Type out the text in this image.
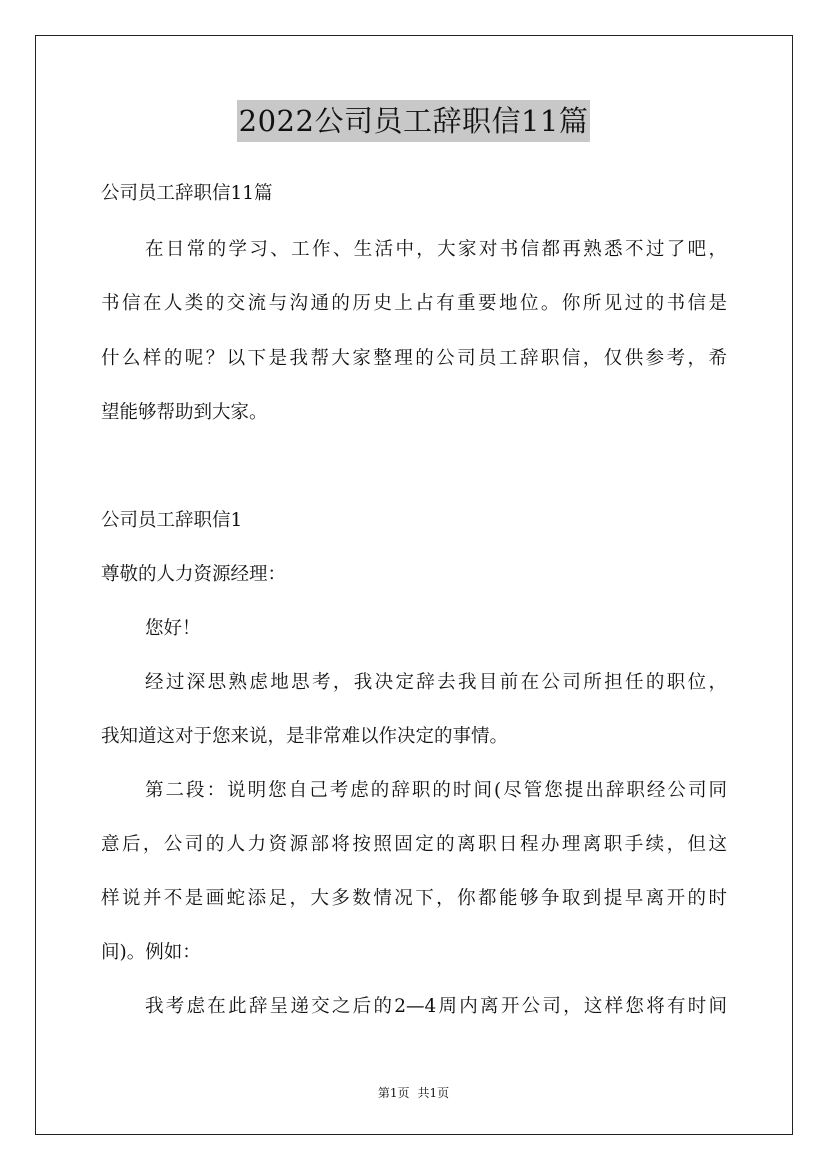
2022公司员工辞职信11篇
公司员工辞职信11篇
在日常的学习、工作、生活中，大家对书信都再熟悉不过了吧，
书信在人类的交流与沟通的历史上占有重要地位。你所见过的书信是
什么样的呢？以下是我帮大家整理的公司员工辞职信，仅供参考，希
望能够帮助到大家。
公司员工辞职信1
尊敬的人力资源经理：
您好！
经过深思熟虑地思考，我决定辞去我目前在公司所担任的职位，
我知道这对于您来说，是非常难以作决定的事情。
第二段：说明您自己考虑的辞职的时间(尽管您提出辞职经公司同
意后，公司的人力资源部将按照固定的离职日程办理离职手续，但这
样说并不是画蛇添足，大多数情况下，你都能够争取到提早离开的时
间)。例如：
我考虑在此辞呈递交之后的2—4周内离开公司，这样您将有时间
第1页 共1页
